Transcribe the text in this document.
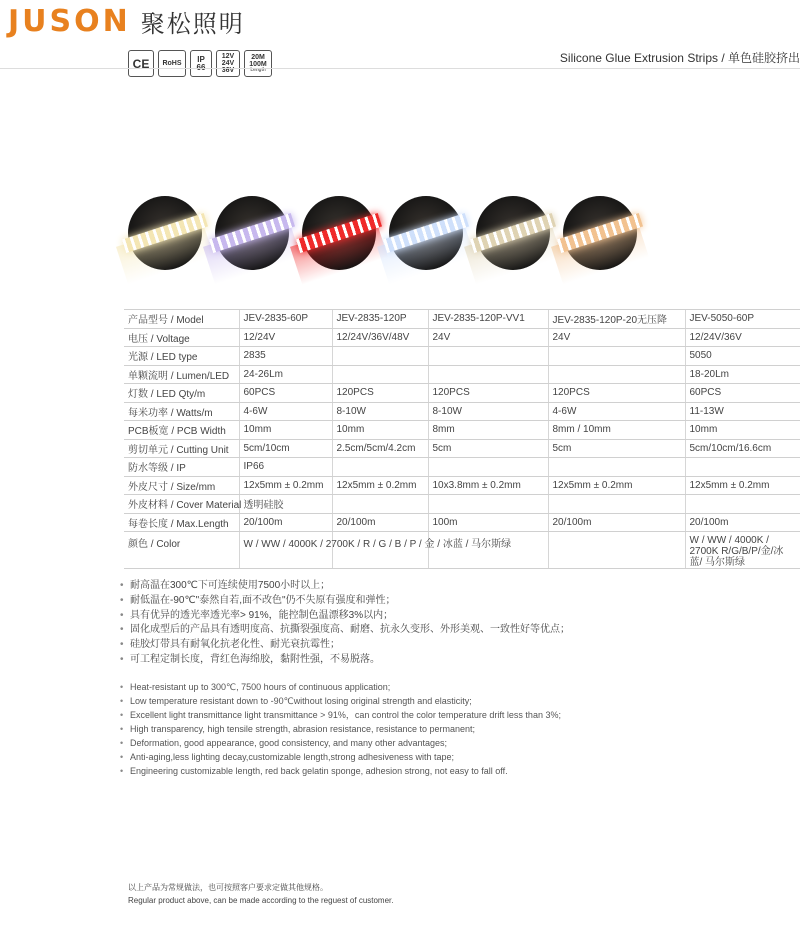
JUSON 聚松照明
CE RoHS IP
66
12V
24V
36V
20M
100M
Length
Silicone Glue Extrusion Strips / 单色硅胶挤出
产品型号 / Model	JEV-2835-60P	JEV-2835-120P	JEV-2835-120P-VV1	JEV-2835-120P-20无压降	JEV-5050-60P
电压 / Voltage	12/24V	12/24V/36V/48V	24V	24V	12/24V/36V
光源 / LED type	2835				5050
单颗流明 / Lumen/LED	24-26Lm				18-20Lm
灯数 / LED Qty/m	60PCS	120PCS	120PCS	120PCS	60PCS
每米功率 / Watts/m	4-6W	8-10W	8-10W	4-6W	11-13W
PCB板宽 / PCB Width	10mm	10mm	8mm	8mm / 10mm	10mm
剪切单元 / Cutting Unit	5cm/10cm	2.5cm/5cm/4.2cm	5cm	5cm	5cm/10cm/16.6cm
防水等级 / IP	IP66				
外皮尺寸 / Size/mm	12x5mm ± 0.2mm	12x5mm ± 0.2mm	10x3.8mm ± 0.2mm	12x5mm ± 0.2mm	12x5mm ± 0.2mm
外皮材料 / Cover Material	透明硅胶				
每卷长度 / Max.Length	20/100m	20/100m	100m	20/100m	20/100m
颜色 / Color	W / WW / 4000K / 2700K / R / G / B / P / 金 / 冰蓝 / 马尔斯绿				W / WW / 4000K / 2700K R/G/B/P/金/冰蓝/ 马尔斯绿
• 耐高温在300℃下可连续使用7500小时以上；
• 耐低温在-90℃"泰然自若,面不改色"仍不失原有强度和弹性；
• 具有优异的透光率透光率> 91%，能控制色温漂移3%以内；
• 固化成型后的产品具有透明度高、抗撕裂强度高、耐磨、抗永久变形、外形美观、一致性好等优点；
• 硅胶灯带具有耐氧化抗老化性、耐光衰抗霉性；
• 可工程定制长度，背红色海绵胶，黏附性强，不易脱落。
• Heat-resistant up to 300℃, 7500 hours of continuous application;
• Low temperature resistant down to -90℃without losing original strength and elasticity;
• Excellent light transmittance light transmittance > 91%，can control the color temperature drift less than 3%;
• High transparency, high tensile strength, abrasion resistance, resistance to permanent;
• Deformation, good appearance, good consistency, and many other advantages;
• Anti-aging,less lighting decay,customizable length,strong adhesiveness with tape;
• Engineering customizable length, red back gelatin sponge, adhesion strong, not easy to fall off.
以上产品为常规做法，也可按照客户要求定做其他规格。
Regular product above, can be made according to the reguest of customer.
